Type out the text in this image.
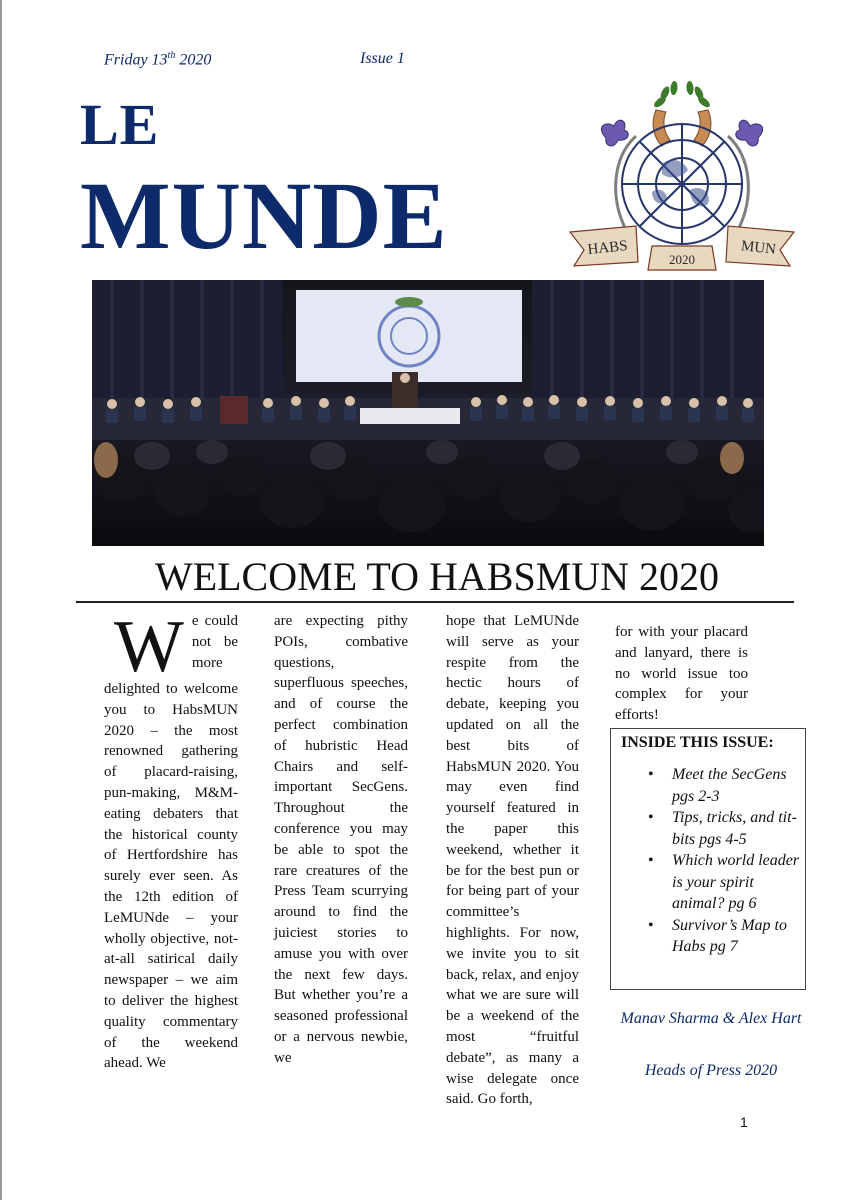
Friday 13th 2020	Issue 1
LE
MUNDE	HABS	MUN
2020
WELCOME TO HABSMUN 2020
W e could not be more delighted to welcome you to HabsMUN 2020 – the most renowned gathering of placard-raising, pun-making, M&M-eating debaters that the historical county of Hertfordshire has surely ever seen. As the 12th edition of LeMUNde – your wholly objective, not-at-all satirical daily newspaper – we aim to deliver the highest quality commentary of the weekend ahead. We
are expecting pithy POIs, combative questions, superfluous speeches, and of course the perfect combination of hubristic Head Chairs and self-important SecGens. Throughout the conference you may be able to spot the rare creatures of the Press Team scurrying around to find the juiciest stories to amuse you with over the next few days. But whether you’re a seasoned professional or a nervous newbie, we
hope that LeMUNde will serve as your respite from the hectic hours of debate, keeping you updated on all the best bits of HabsMUN 2020. You may even find yourself featured in the paper this weekend, whether it be for the best pun or for being part of your committee’s highlights. For now, we invite you to sit back, relax, and enjoy what we are sure will be a weekend of the most “fruitful debate”, as many a wise delegate once said. Go forth,
for with your placard and lanyard, there is no world issue too complex for your efforts!
INSIDE THIS ISSUE:
• Meet the SecGens pgs 2-3
• Tips, tricks, and tit-bits pgs 4-5
• Which world leader is your spirit animal? pg 6
• Survivor’s Map to Habs pg 7
Manav Sharma & Alex Hart
Heads of Press 2020
1
